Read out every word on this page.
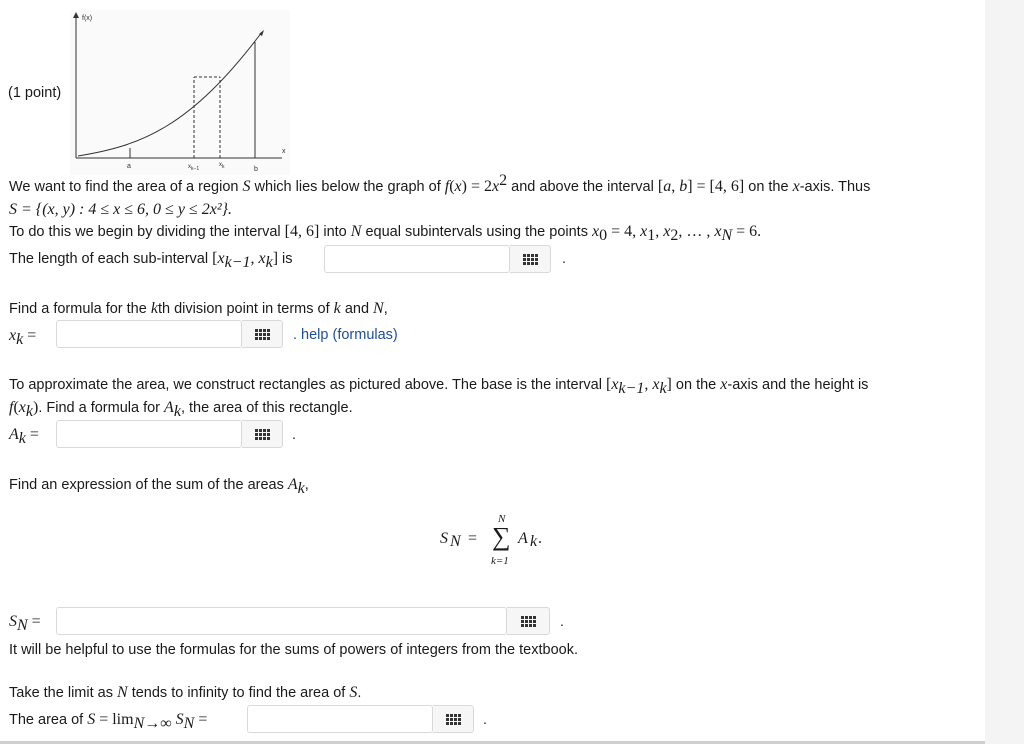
(1 point)
f(x)
x
a	$x_{k-1}$
$x_k$	b
We want to find the area of a region S which lies below the graph of $f(x) = 2x^2$ and above the interval [a, b] = [4, 6] on the x-axis. Thus
S = {(x, y) : 4 ≤ x ≤ 6, 0 ≤ y ≤ 2x²}.
To do this we begin by dividing the interval [4, 6] into N equal subintervals using the points $x_0 = 4$, $x_1$, $x_2$, … , $x_N = 6$.
The length of each sub-interval [$x_{k-1}$, $x_k$] is	.
Find a formula for the kth division point in terms of k and N,
$x_k$ =	. help (formulas)
To approximate the area, we construct rectangles as pictured above. The base is the interval [$x_{k-1}$, $x_k$] on the x-axis and the height is
$f(x_k)$. Find a formula for $A_k$, the area of this rectangle.
$A_k$ =	.
Find an expression of the sum of the areas $A_k$,
S N =
N
∑
k=1
A k .
$S_N$ =	.
It will be helpful to use the formulas for the sums of powers of integers from the textbook.
Take the limit as N tends to infinity to find the area of S.
The area of $S = \lim_{N\to\infty} S_N$ =	.
